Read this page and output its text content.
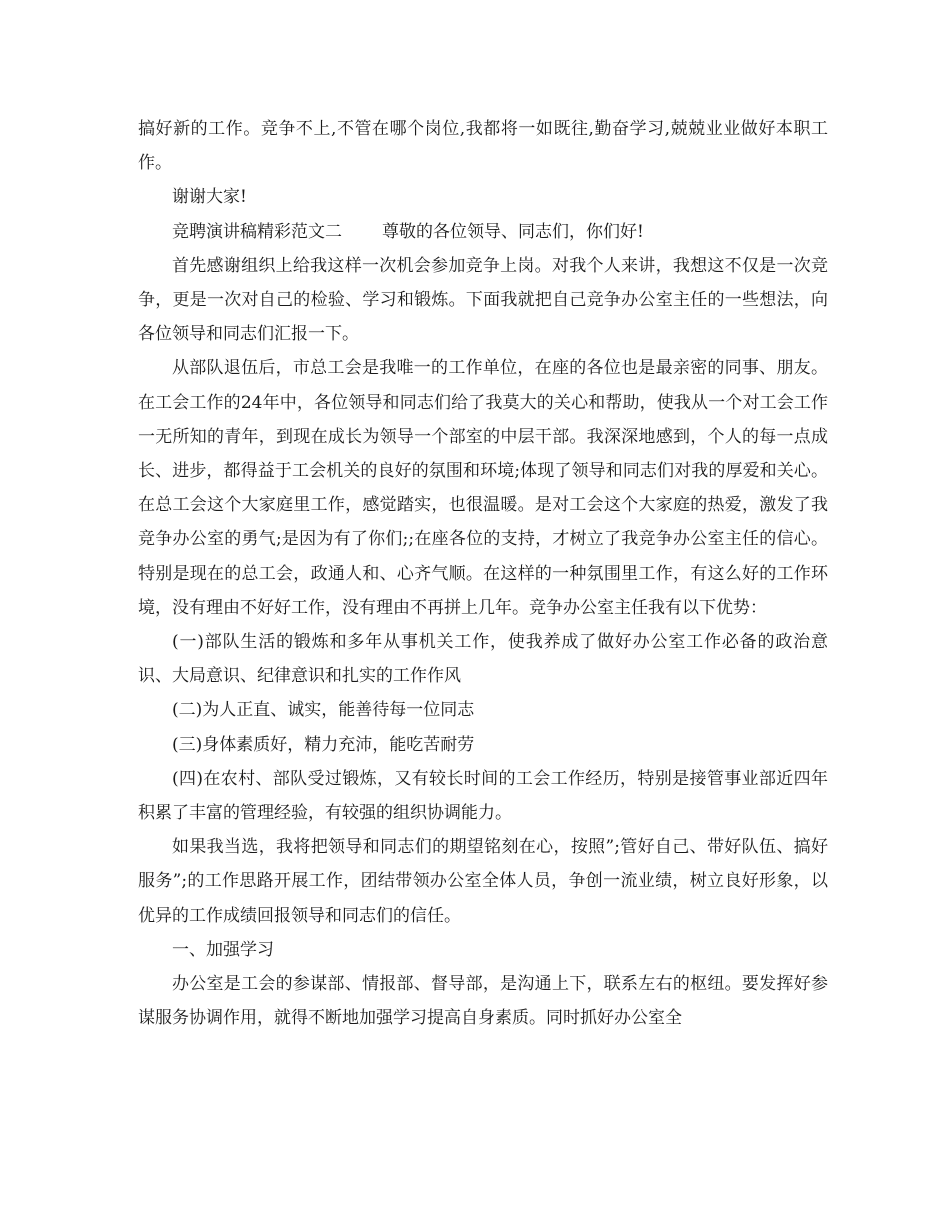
搞好新的工作。竞争不上,不管在哪个岗位,我都将一如既往,勤奋学习,兢兢业业做好本职工作。

谢谢大家!

竞聘演讲稿精彩范文二 尊敬的各位领导、同志们，你们好!

首先感谢组织上给我这样一次机会参加竞争上岗。对我个人来讲，我想这不仅是一次竞争，更是一次对自己的检验、学习和锻炼。下面我就把自己竞争办公室主任的一些想法，向各位领导和同志们汇报一下。

从部队退伍后，市总工会是我唯一的工作单位，在座的各位也是最亲密的同事、朋友。在工会工作的24年中，各位领导和同志们给了我莫大的关心和帮助，使我从一个对工会工作一无所知的青年，到现在成长为领导一个部室的中层干部。我深深地感到，个人的每一点成长、进步，都得益于工会机关的良好的氛围和环境;体现了领导和同志们对我的厚爱和关心。在总工会这个大家庭里工作，感觉踏实，也很温暖。是对工会这个大家庭的热爱，激发了我竞争办公室的勇气;是因为有了你们;;在座各位的支持，才树立了我竞争办公室主任的信心。特别是现在的总工会，政通人和、心齐气顺。在这样的一种氛围里工作，有这么好的工作环境，没有理由不好好工作，没有理由不再拼上几年。竞争办公室主任我有以下优势：

(一)部队生活的锻炼和多年从事机关工作，使我养成了做好办公室工作必备的政治意识、大局意识、纪律意识和扎实的工作作风

(二)为人正直、诚实，能善待每一位同志

(三)身体素质好，精力充沛，能吃苦耐劳

(四)在农村、部队受过锻炼，又有较长时间的工会工作经历，特别是接管事业部近四年积累了丰富的管理经验，有较强的组织协调能力。

如果我当选，我将把领导和同志们的期望铭刻在心，按照”;管好自己、带好队伍、搞好服务”;的工作思路开展工作，团结带领办公室全体人员，争创一流业绩，树立良好形象，以优异的工作成绩回报领导和同志们的信任。

一、加强学习

办公室是工会的参谋部、情报部、督导部，是沟通上下，联系左右的枢纽。要发挥好参谋服务协调作用，就得不断地加强学习提高自身素质。同时抓好办公室全
